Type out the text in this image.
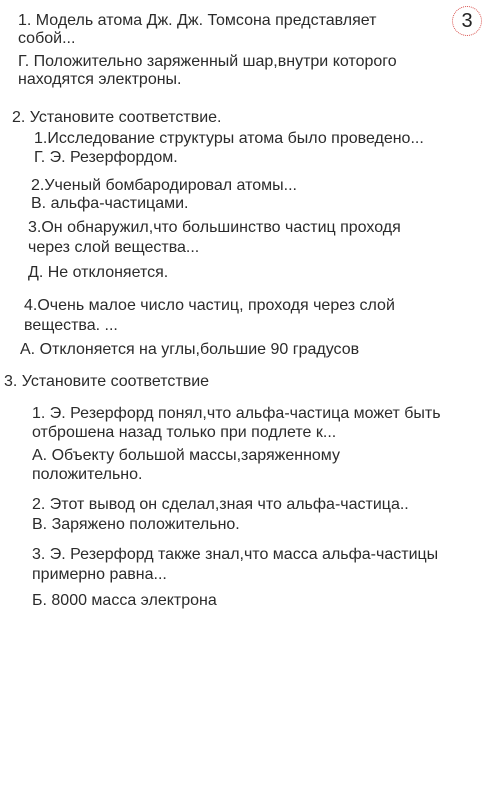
3
1. Модель атома Дж. Дж. Томсона представляет
собой...
Г. Положительно заряженный шар,внутри которого
находятся электроны.
2. Установите соответствие.
1.Исследование структуры атома было проведено...
Г. Э. Резерфордом.
2.Ученый бомбародировал атомы...
В. альфа-частицами.
3.Он обнаружил,что большинство частиц проходя
через слой вещества...
Д. Не отклоняется.
4.Очень малое число частиц, проходя через слой
вещества. ...
А. Отклоняется на углы,большие 90 градусов
3. Установите соответствие
1. Э. Резерфорд понял,что альфа-частица может быть
отброшена назад только при подлете к...
А. Объекту большой массы,заряженному
положительно.
2. Этот вывод он сделал,зная что альфа-частица..
В. Заряжено положительно.
3. Э. Резерфорд также знал,что масса альфа-частицы
примерно равна...
Б. 8000 масса электрона
